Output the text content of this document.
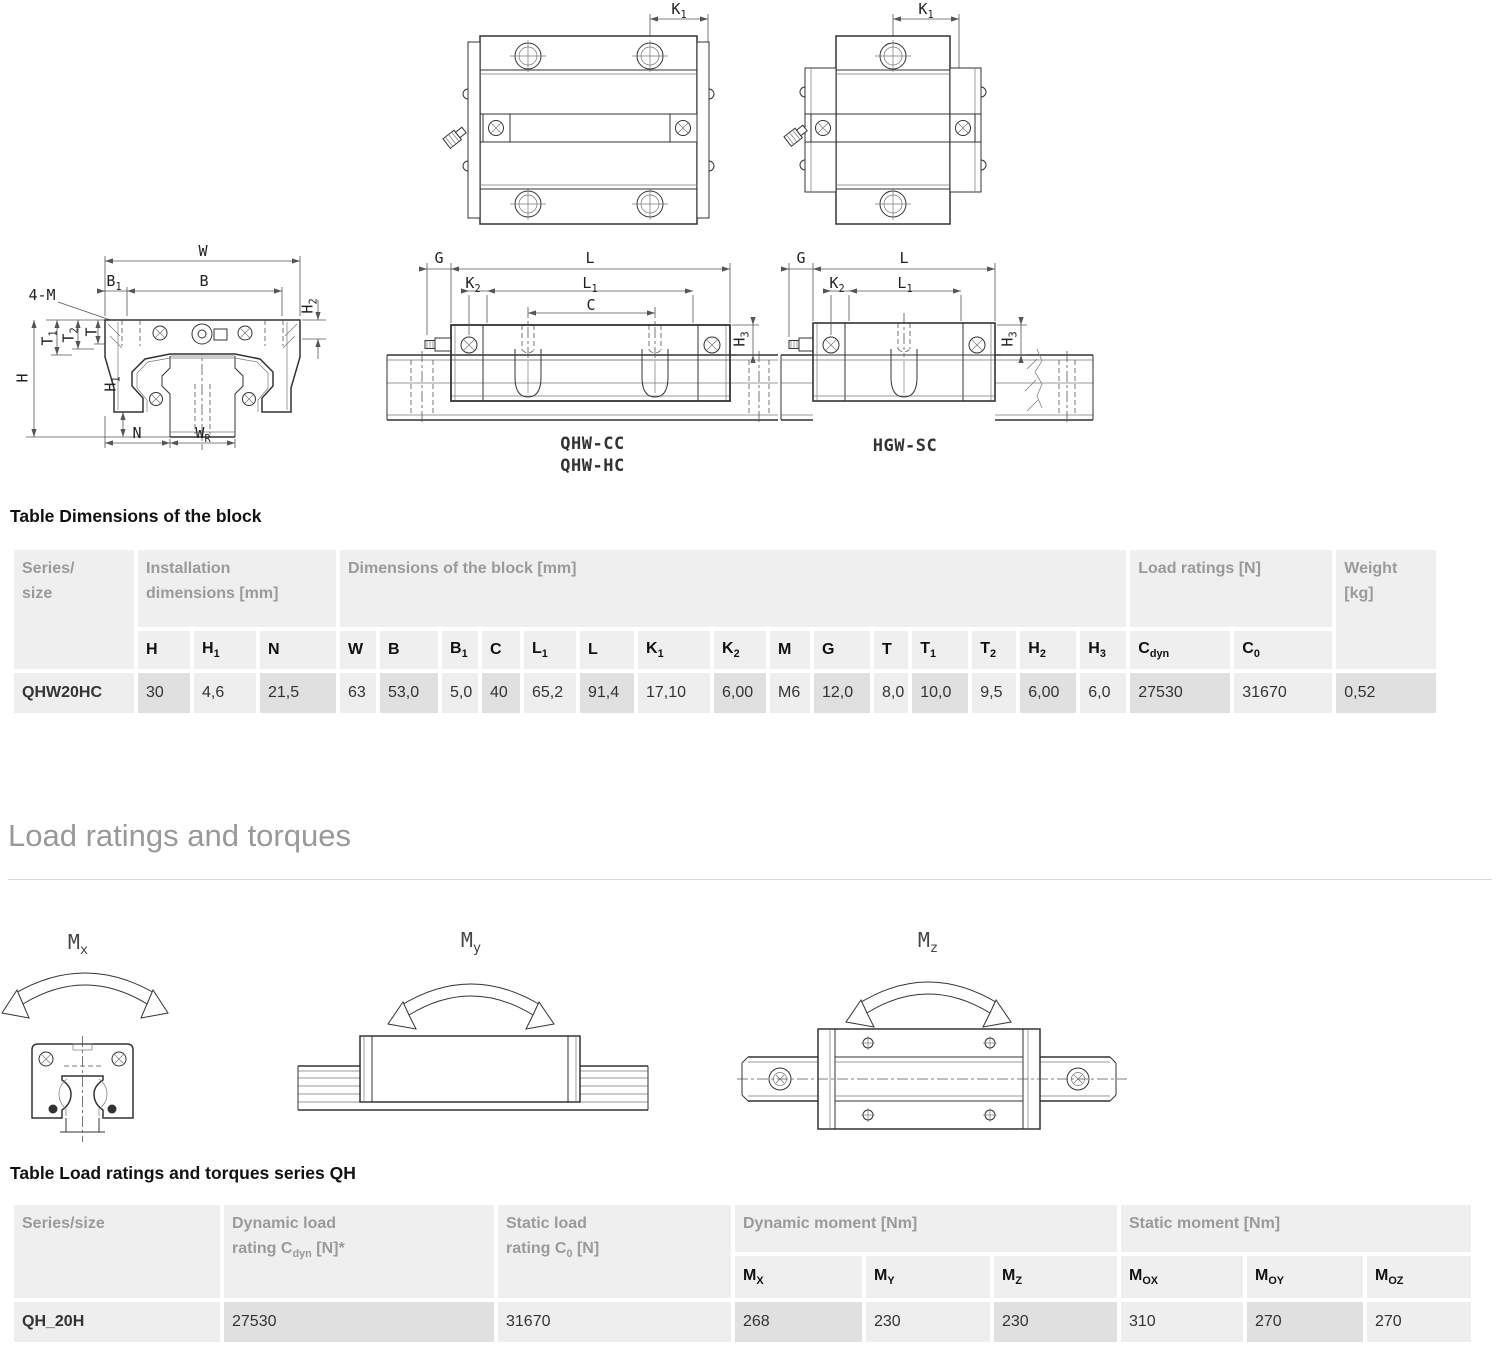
$K_1$	$K_1$
W
B
$B_1$
4-M
$H_2$
T
$T_2$
$T_1$
H
$H_1$
N	$W_R$
G	L
$K_2$	$L_1$
C
$H_3$
QHW-CC
QHW-HC
G	L
$K_2$	$L_1$
$H_3$
HGW-SC
Table Dimensions of the block
Series/
size	Installation
dimensions [mm]			Dimensions of the block [mm]															Load ratings [N]		Weight
[kg]
	H	$H_1$	N	W	B	$B_1$	C	$L_1$	L	$K_1$	$K_2$	M	G	T	$T_1$	$T_2$	$H_2$	$H_3$	$C_{dyn}$	$C_0$
QHW20HC	30	4,6	21,5	63	53,0	5,0	40	65,2	91,4	17,10	6,00	M6	12,0	8,0	10,0	9,5	6,00	6,0	27530	31670	0,52
Load ratings and torques
$M_x$	$M_y$	$M_z$
Table Load ratings and torques series QH
Series/size	Dynamic load
rating $C_{dyn}$ [N]*	Static load
rating $C_0$ [N]	Dynamic moment [Nm]			Static moment [Nm]		
			$M_X$	$M_Y$	$M_Z$	$M_{OX}$	$M_{OY}$	$M_{OZ}$
QH_20H	27530	31670	268	230	230	310	270	270
